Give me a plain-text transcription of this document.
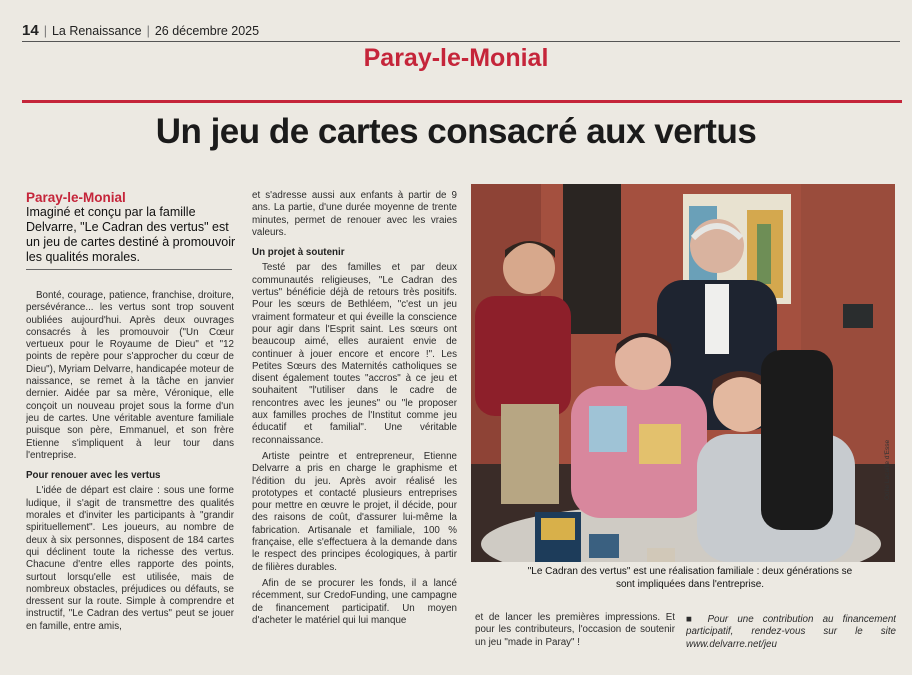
14 | La Renaissance | 26 décembre 2025
Paray-le-Monial
Un jeu de cartes consacré aux vertus
Paray-le-Monial
Imaginé et conçu par la famille Delvarre, "Le Cadran des vertus" est un jeu de cartes destiné à promouvoir les qualités morales.

Bonté, courage, patience, franchise, droiture, persévérance... les vertus sont trop souvent oubliées aujourd'hui. Après deux ouvrages consacrés à les promouvoir ("Un Cœur vertueux pour le Royaume de Dieu" et "12 points de repère pour s'approcher du cœur de Dieu"), Myriam Delvarre, handicapée moteur de naissance, se remet à la tâche en janvier dernier. Aidée par sa mère, Véronique, elle conçoit un nouveau projet sous la forme d'un jeu de cartes. Une véritable aventure familiale puisque son père, Emmanuel, et son frère Etienne s'impliquent à leur tour dans l'entreprise.

Pour renouer avec les vertus

L'idée de départ est claire : sous une forme ludique, il s'agit de transmettre des qualités morales et d'inviter les participants à "grandir spirituellement". Les joueurs, au nombre de deux à six personnes, disposent de 184 cartes qui déclinent toute la richesse des vertus. Chacune d'entre elles rapporte des points, surtout lorsqu'elle est utilisée, mais de nombreux obstacles, préjudices ou défauts, se dressent sur la route. Simple à comprendre et instructif, "Le Cadran des vertus" peut se jouer en famille, entre amis,

et s'adresse aussi aux enfants à partir de 9 ans. La partie, d'une durée moyenne de trente minutes, permet de renouer avec les vraies valeurs.

Un projet à soutenir

Testé par des familles et par deux communautés religieuses, "Le Cadran des vertus" bénéficie déjà de retours très positifs. Pour les sœurs de Bethléem, "c'est un jeu vraiment formateur et qui éveille la conscience pour agir dans l'Esprit saint. Les sœurs ont beaucoup aimé, elles auraient envie de continuer à jouer encore et encore !". Les Petites Sœurs des Maternités catholiques se disent également toutes "accros" à ce jeu et souhaitent "l'utiliser dans le cadre de rencontres avec les jeunes" ou "le proposer aux familles proches de l'Institut comme jeu éducatif et familial". Une véritable reconnaissance.

Artiste peintre et entrepreneur, Etienne Delvarre a pris en charge le graphisme et l'édition du jeu. Après avoir réalisé les prototypes et contacté plusieurs entreprises pour mettre en œuvre le projet, il décide, pour des raisons de coût, d'assurer lui-même la fabrication. Artisanale et familiale, 100 % française, elle s'effectuera à la demande dans le respect des principes écologiques, à partir de filières durables.

Afin de se procurer les fonds, il a lancé récemment, sur CredoFunding, une campagne de financement participatif. Un moyen d'acheter le matériel qui lui manque

Odile Lacaille d'Esse
"Le Cadran des vertus" est une réalisation familiale : deux générations se sont impliquées dans l'entreprise.

et de lancer les premières impressions. Et pour les contributeurs, l'occasion de soutenir un jeu "made in Paray" !

■ Pour une contribution au financement participatif, rendez-vous sur le site www.delvarre.net/jeu
